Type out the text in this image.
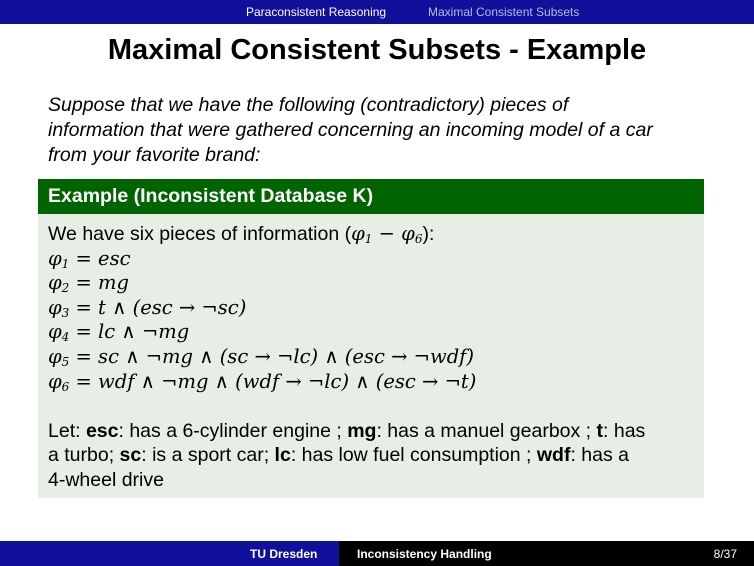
Paraconsistent Reasoning	Maximal Consistent Subsets
Maximal Consistent Subsets - Example
Suppose that we have the following (contradictory) pieces of
information that were gathered concerning an incoming model of a car
from your favorite brand:
Example (Inconsistent Database K)
We have six pieces of information $(\varphi_1 - \varphi_6)$:
$\varphi_1$ = esc
$\varphi_2$ = mg
$\varphi_3 = t$ ∧ (esc → ¬sc)
$\varphi_4$ = lc ∧ ¬mg
$\varphi_5$ = sc ∧ ¬mg ∧ (sc → ¬lc) ∧ (esc → ¬wdf)
$\varphi_6$ = wdf ∧ ¬mg ∧ (wdf → ¬lc) ∧ (esc → ¬t)
Let: esc: has a 6-cylinder engine ; mg: has a manuel gearbox ; t: has
a turbo; sc: is a sport car; lc: has low fuel consumption ; wdf: has a
4-wheel drive
TU Dresden	Inconsistency Handling	8/37
